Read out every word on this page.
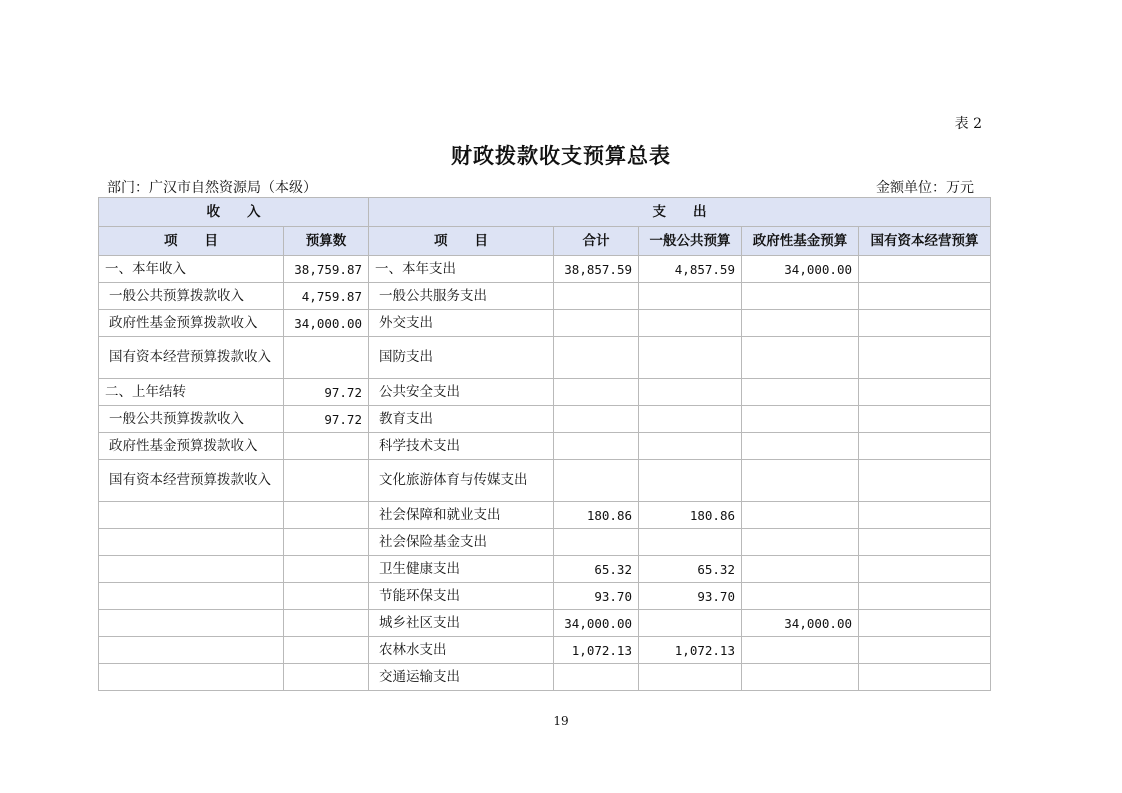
表 2
财政拨款收支预算总表
部门：广汉市自然资源局（本级）	金额单位：万元
收　　入		支　　出				
项　　目	预算数	项　　目	合计	一般公共预算	政府性基金预算	国有资本经营预算
一、本年收入	38,759.87	一、本年支出	38,857.59	4,857.59	34,000.00	
一般公共预算拨款收入	4,759.87	一般公共服务支出				
政府性基金预算拨款收入	34,000.00	外交支出				
国有资本经营预算拨款收入		国防支出				
二、上年结转	97.72	公共安全支出				
一般公共预算拨款收入	97.72	教育支出				
政府性基金预算拨款收入		科学技术支出				
国有资本经营预算拨款收入		文化旅游体育与传媒支出				
		社会保障和就业支出	180.86	180.86		
		社会保险基金支出				
		卫生健康支出	65.32	65.32		
		节能环保支出	93.70	93.70		
		城乡社区支出	34,000.00		34,000.00	
		农林水支出	1,072.13	1,072.13		
		交通运输支出				
19
